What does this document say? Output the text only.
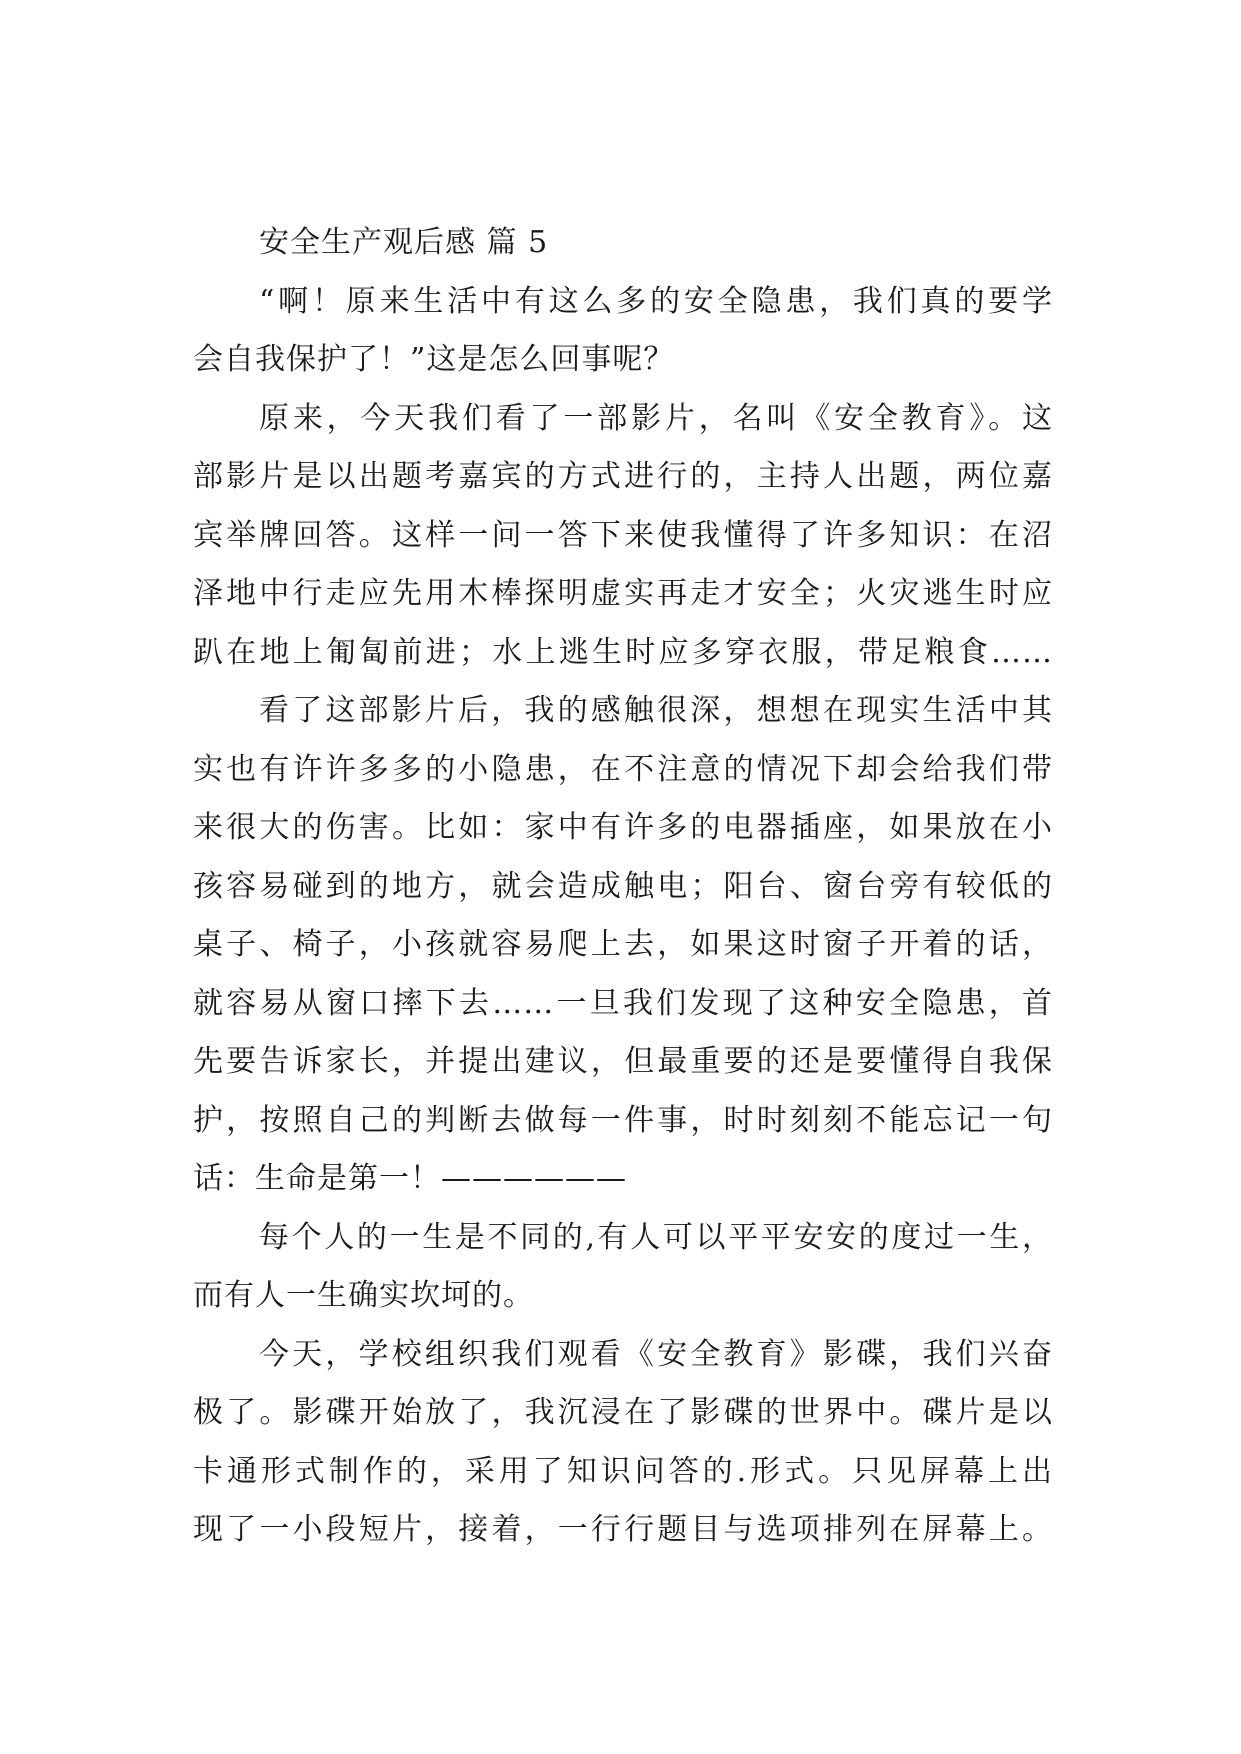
安全生产观后感 篇 5
“啊！原来生活中有这么多的安全隐患，我们真的要学
会自我保护了！”这是怎么回事呢？
原来，今天我们看了一部影片，名叫《安全教育》。这
部影片是以出题考嘉宾的方式进行的，主持人出题，两位嘉
宾举牌回答。这样一问一答下来使我懂得了许多知识：在沼
泽地中行走应先用木棒探明虚实再走才安全；火灾逃生时应
趴在地上匍匐前进；水上逃生时应多穿衣服，带足粮食……
看了这部影片后，我的感触很深，想想在现实生活中其
实也有许许多多的小隐患，在不注意的情况下却会给我们带
来很大的伤害。比如：家中有许多的电器插座，如果放在小
孩容易碰到的地方，就会造成触电；阳台、窗台旁有较低的
桌子、椅子，小孩就容易爬上去，如果这时窗子开着的话，
就容易从窗口摔下去……一旦我们发现了这种安全隐患，首
先要告诉家长，并提出建议，但最重要的还是要懂得自我保
护，按照自己的判断去做每一件事，时时刻刻不能忘记一句
话：生命是第一！——————
每个人的一生是不同的,有人可以平平安安的度过一生，
而有人一生确实坎坷的。
今天，学校组织我们观看《安全教育》影碟，我们兴奋
极了。影碟开始放了，我沉浸在了影碟的世界中。碟片是以
卡通形式制作的，采用了知识问答的.形式。只见屏幕上出
现了一小段短片，接着，一行行题目与选项排列在屏幕上。
